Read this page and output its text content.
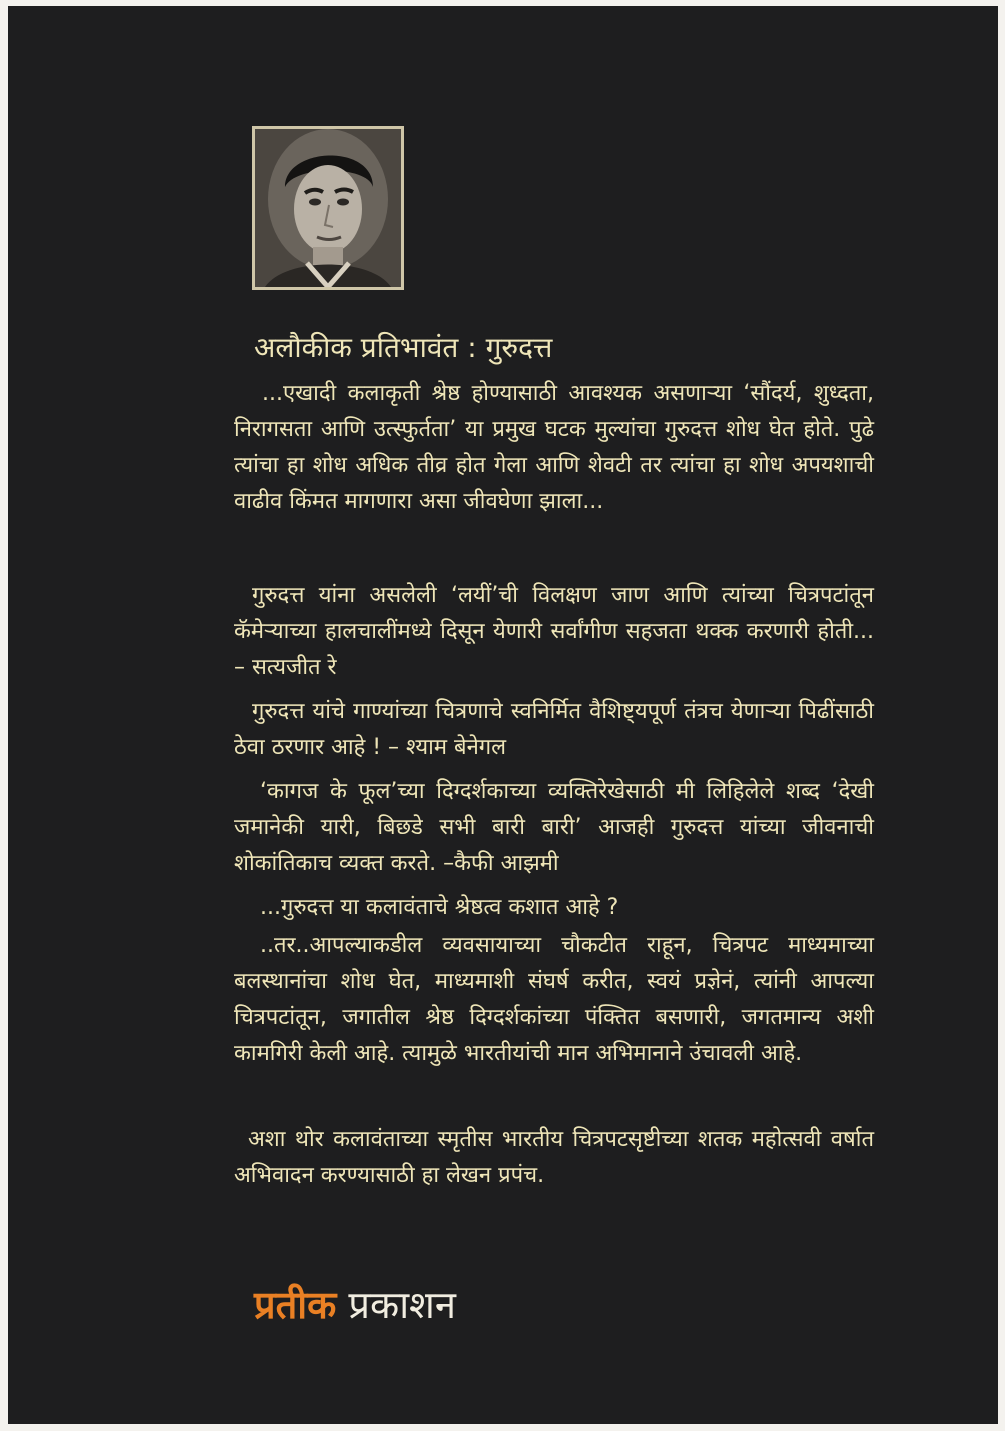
अलौकीक प्रतिभावंत : गुरुदत्त

...एखादी कलाकृती श्रेष्ठ होण्यासाठी आवश्यक असणाऱ्या ‘सौंदर्य, शुध्दता, निरागसता आणि उत्स्फुर्तता’ या प्रमुख घटक मुल्यांचा गुरुदत्त शोध घेत होते. पुढे त्यांचा हा शोध अधिक तीव्र होत गेला आणि शेवटी तर त्यांचा हा शोध अपयशाची वाढीव किंमत मागणारा असा जीवघेणा झाला...

गुरुदत्त यांना असलेली ‘लयीं’ची विलक्षण जाण आणि त्यांच्या चित्रपटांतून कॅमेऱ्याच्या हालचालींमध्ये दिसून येणारी सर्वांगीण सहजता थक्क करणारी होती... – सत्यजीत रे

गुरुदत्त यांचे गाण्यांच्या चित्रणाचे स्वनिर्मित वैशिष्ट्यपूर्ण तंत्रच येणाऱ्या पिढींसाठी ठेवा ठरणार आहे ! – श्याम बेनेगल

‘कागज के फूल’च्या दिग्दर्शकाच्या व्यक्तिरेखेसाठी मी लिहिलेले शब्द ‘देखी जमानेकी यारी, बिछडे सभी बारी बारी’ आजही गुरुदत्त यांच्या जीवनाची शोकांतिकाच व्यक्त करते. –कैफी आझमी

...गुरुदत्त या कलावंताचे श्रेष्ठत्व कशात आहे ?

..तर..आपल्याकडील व्यवसायाच्या चौकटीत राहून, चित्रपट माध्यमाच्या बलस्थानांचा शोध घेत, माध्यमाशी संघर्ष करीत, स्वयं प्रज्ञेनं, त्यांनी आपल्या चित्रपटांतून, जगातील श्रेष्ठ दिग्दर्शकांच्या पंक्तित बसणारी, जगतमान्य अशी कामगिरी केली आहे. त्यामुळे भारतीयांची मान अभिमानाने उंचावली आहे.

अशा थोर कलावंताच्या स्मृतीस भारतीय चित्रपटसृष्टीच्या शतक महोत्सवी वर्षात अभिवादन करण्यासाठी हा लेखन प्रपंच.

प्रतीक प्रकाशन
